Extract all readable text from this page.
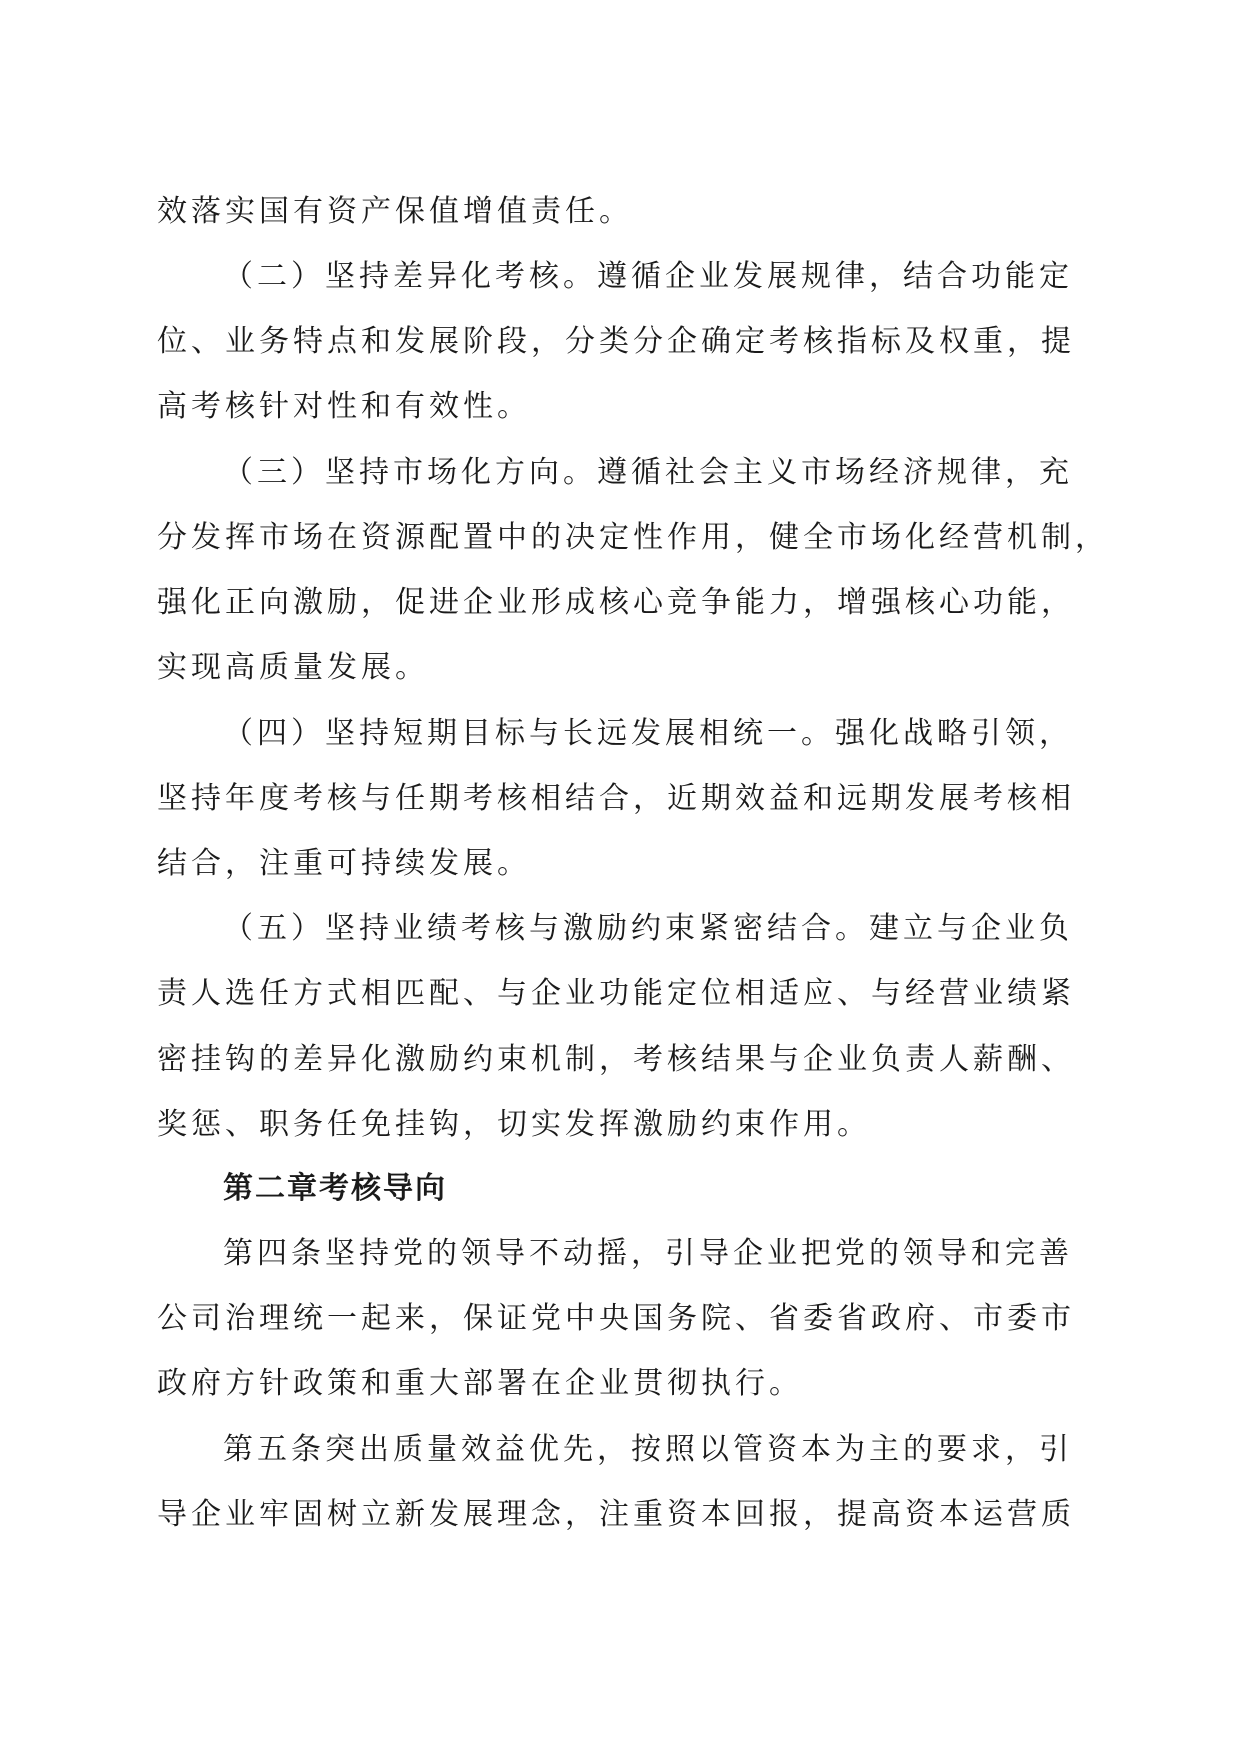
效落实国有资产保值增值责任。
（二）坚持差异化考核。遵循企业发展规律，结合功能定
位、业务特点和发展阶段，分类分企确定考核指标及权重，提
高考核针对性和有效性。
（三）坚持市场化方向。遵循社会主义市场经济规律，充
分发挥市场在资源配置中的决定性作用，健全市场化经营机制，
强化正向激励，促进企业形成核心竞争能力，增强核心功能，
实现高质量发展。
（四）坚持短期目标与长远发展相统一。强化战略引领，
坚持年度考核与任期考核相结合，近期效益和远期发展考核相
结合，注重可持续发展。
（五）坚持业绩考核与激励约束紧密结合。建立与企业负
责人选任方式相匹配、与企业功能定位相适应、与经营业绩紧
密挂钩的差异化激励约束机制，考核结果与企业负责人薪酬、
奖惩、职务任免挂钩，切实发挥激励约束作用。
第二章考核导向
第四条坚持党的领导不动摇，引导企业把党的领导和完善
公司治理统一起来，保证党中央国务院、省委省政府、市委市
政府方针政策和重大部署在企业贯彻执行。
第五条突出质量效益优先，按照以管资本为主的要求，引
导企业牢固树立新发展理念，注重资本回报，提高资本运营质
